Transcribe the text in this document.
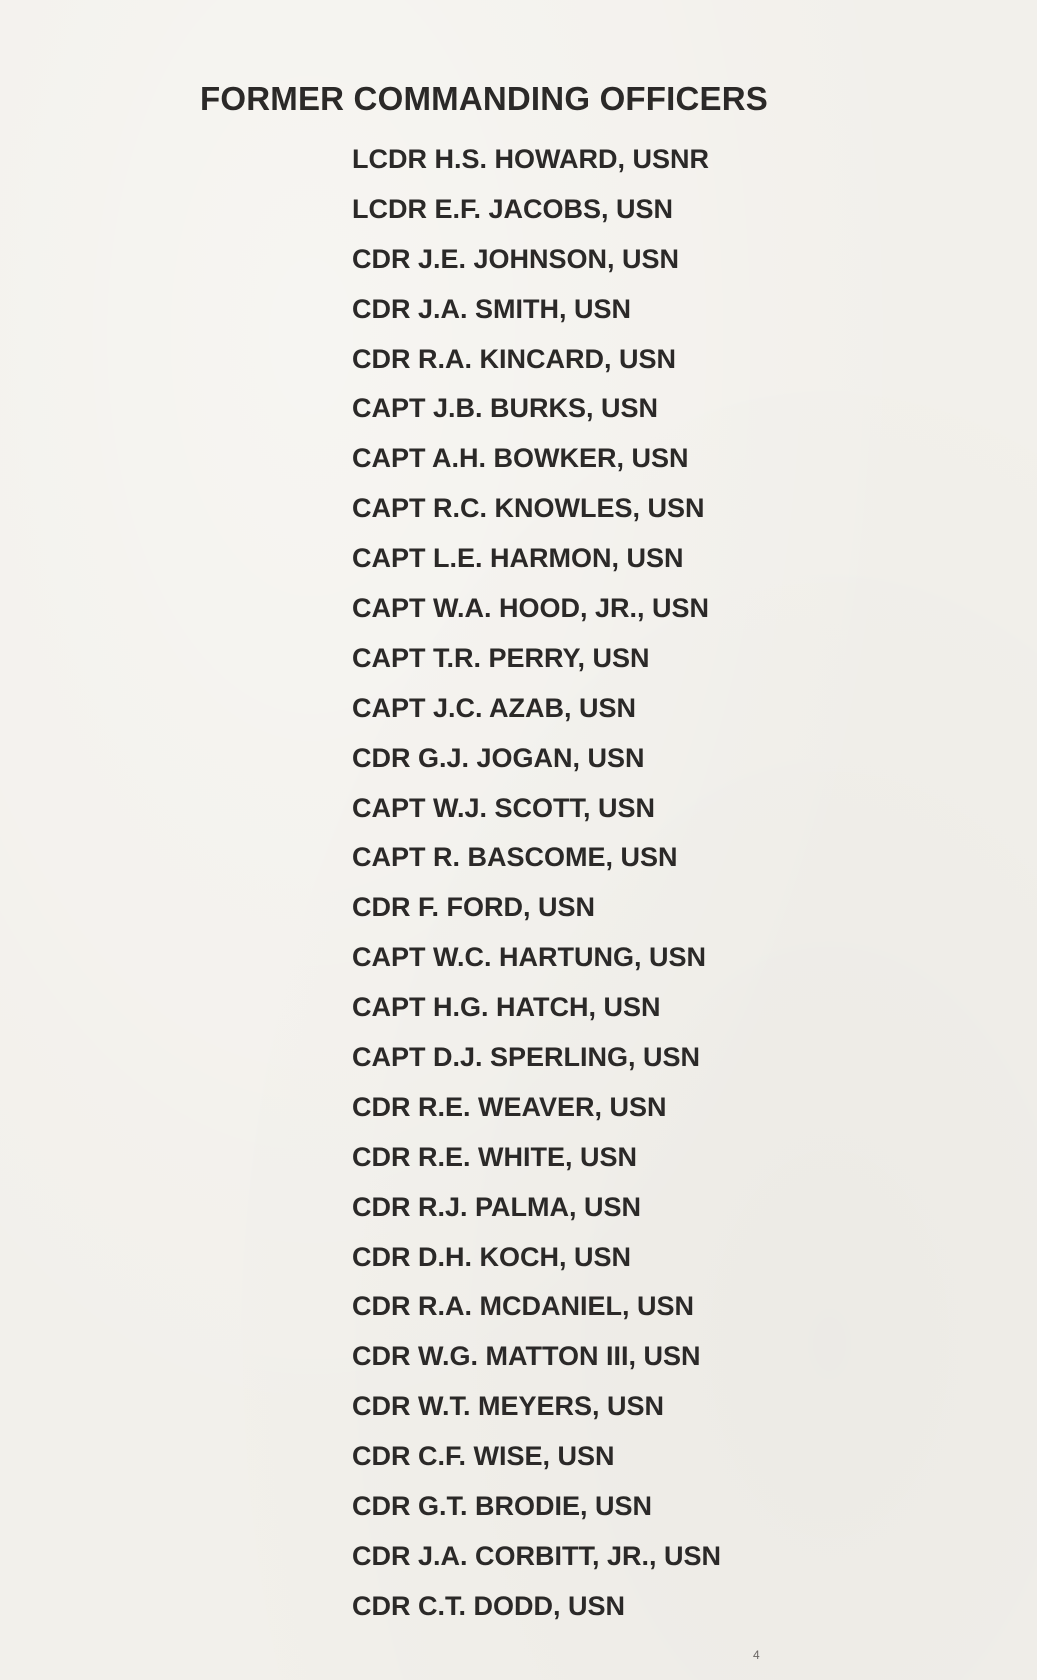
FORMER COMMANDING OFFICERS
LCDR H.S. HOWARD, USNR
LCDR E.F. JACOBS, USN
CDR J.E. JOHNSON, USN
CDR J.A. SMITH, USN
CDR R.A. KINCARD, USN
CAPT J.B. BURKS, USN
CAPT A.H. BOWKER, USN
CAPT R.C. KNOWLES, USN
CAPT L.E. HARMON, USN
CAPT W.A. HOOD, JR., USN
CAPT T.R. PERRY, USN
CAPT J.C. AZAB, USN
CDR G.J. JOGAN, USN
CAPT W.J. SCOTT, USN
CAPT R. BASCOME, USN
CDR F. FORD, USN
CAPT W.C. HARTUNG, USN
CAPT H.G. HATCH, USN
CAPT D.J. SPERLING, USN
CDR R.E. WEAVER, USN
CDR R.E. WHITE, USN
CDR R.J. PALMA, USN
CDR D.H. KOCH, USN
CDR R.A. MCDANIEL, USN
CDR W.G. MATTON III, USN
CDR W.T. MEYERS, USN
CDR C.F. WISE, USN
CDR G.T. BRODIE, USN
CDR J.A. CORBITT, JR., USN
CDR C.T. DODD, USN
4
